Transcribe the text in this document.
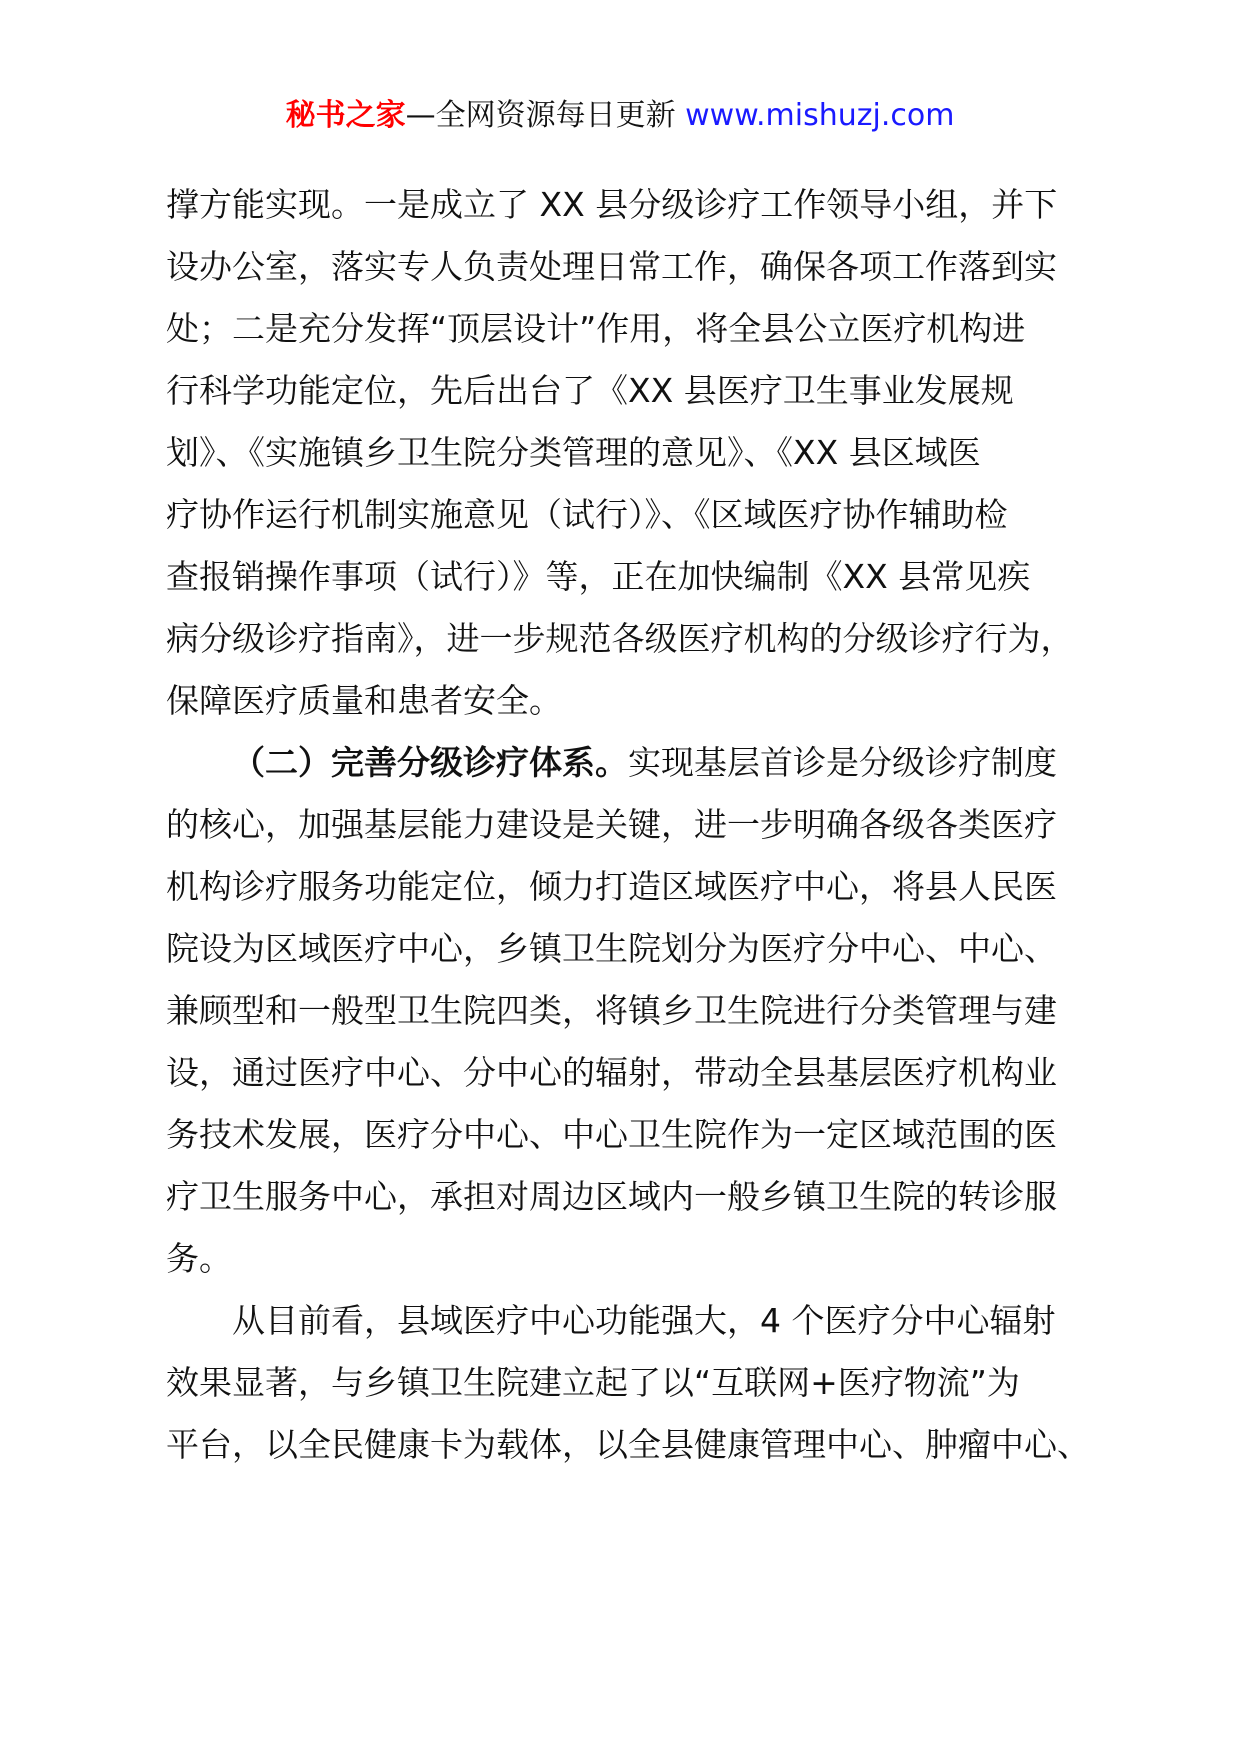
秘书之家—全网资源每日更新 www.mishuzj.com
撑方能实现。一是成立了 XX 县分级诊疗工作领导小组，并下
设办公室，落实专人负责处理日常工作，确保各项工作落到实
处；二是充分发挥“顶层设计”作用，将全县公立医疗机构进
行科学功能定位，先后出台了《XX 县医疗卫生事业发展规
划》、《实施镇乡卫生院分类管理的意见》、《XX 县区域医
疗协作运行机制实施意见（试行）》、《区域医疗协作辅助检
查报销操作事项（试行）》等，正在加快编制《XX 县常见疾
病分级诊疗指南》，进一步规范各级医疗机构的分级诊疗行为，
保障医疗质量和患者安全。
（二）完善分级诊疗体系。实现基层首诊是分级诊疗制度
的核心，加强基层能力建设是关键，进一步明确各级各类医疗
机构诊疗服务功能定位，倾力打造区域医疗中心，将县人民医
院设为区域医疗中心，乡镇卫生院划分为医疗分中心、中心、
兼顾型和一般型卫生院四类，将镇乡卫生院进行分类管理与建
设，通过医疗中心、分中心的辐射，带动全县基层医疗机构业
务技术发展，医疗分中心、中心卫生院作为一定区域范围的医
疗卫生服务中心，承担对周边区域内一般乡镇卫生院的转诊服
务。
从目前看，县域医疗中心功能强大，4 个医疗分中心辐射
效果显著，与乡镇卫生院建立起了以“互联网+医疗物流”为
平台，以全民健康卡为载体，以全县健康管理中心、肿瘤中心、
